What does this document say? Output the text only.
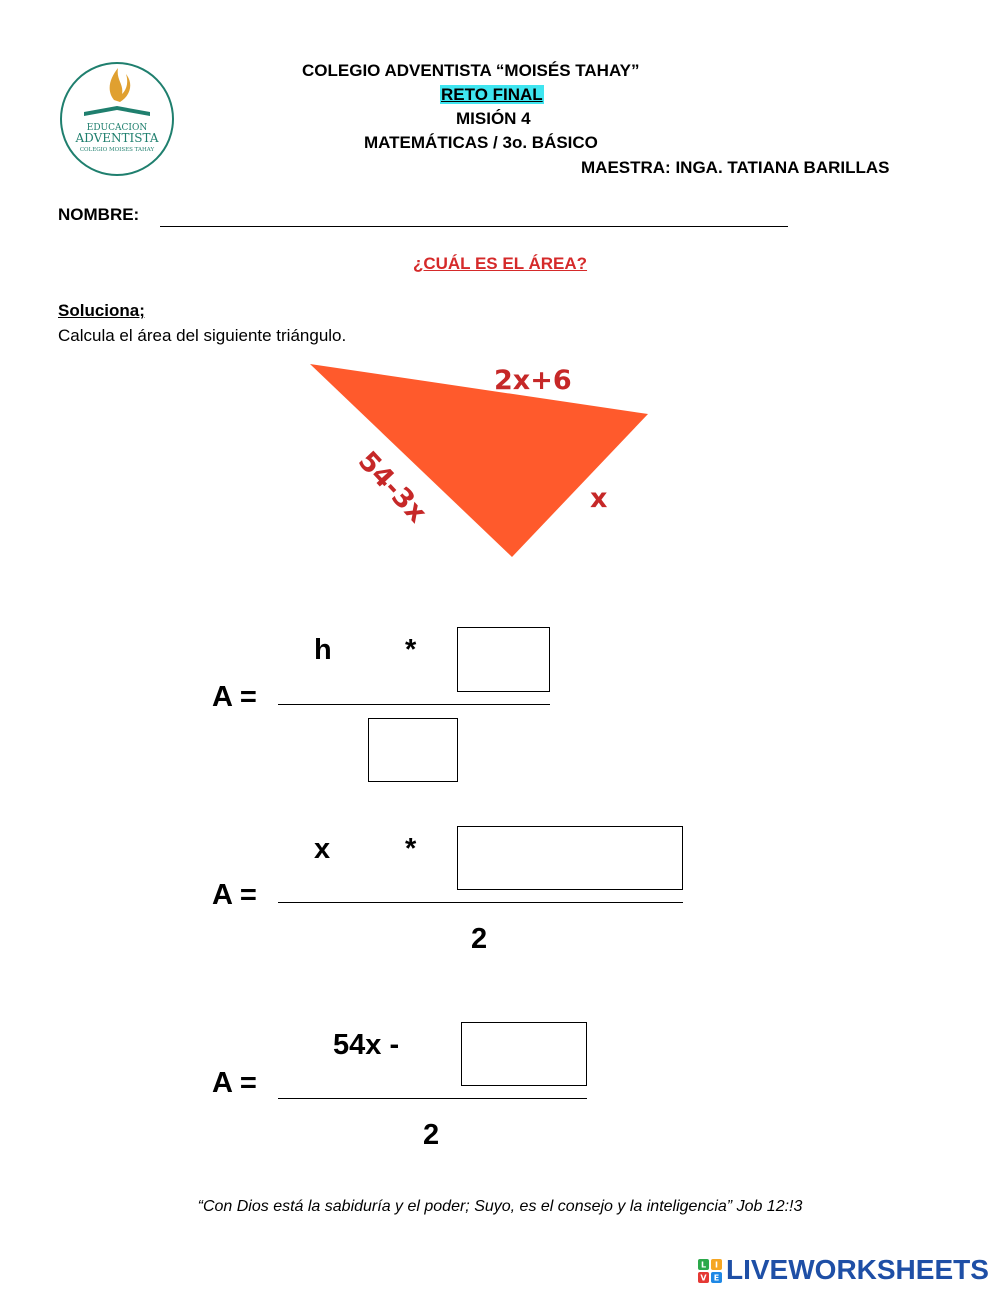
EDUCACION
ADVENTISTA
COLEGIO MOISES TAHAY
COLEGIO ADVENTISTA “MOISÉS TAHAY”
RETO FINAL
MISIÓN 4
MATEMÁTICAS / 3o. BÁSICO
MAESTRA: INGA. TATIANA BARILLAS
NOMBRE:
¿CUÁL ES EL ÁREA?
Soluciona;
Calcula el área del siguiente triángulo.
2x+6
54-3x	x
h	*
A =
x	*
A =
2
54x -
A =
2
“Con Dios está la sabiduría y el poder; Suyo, es el consejo y la inteligencia” Job 12:!3
L I
V E LIVEWORKSHEETS
